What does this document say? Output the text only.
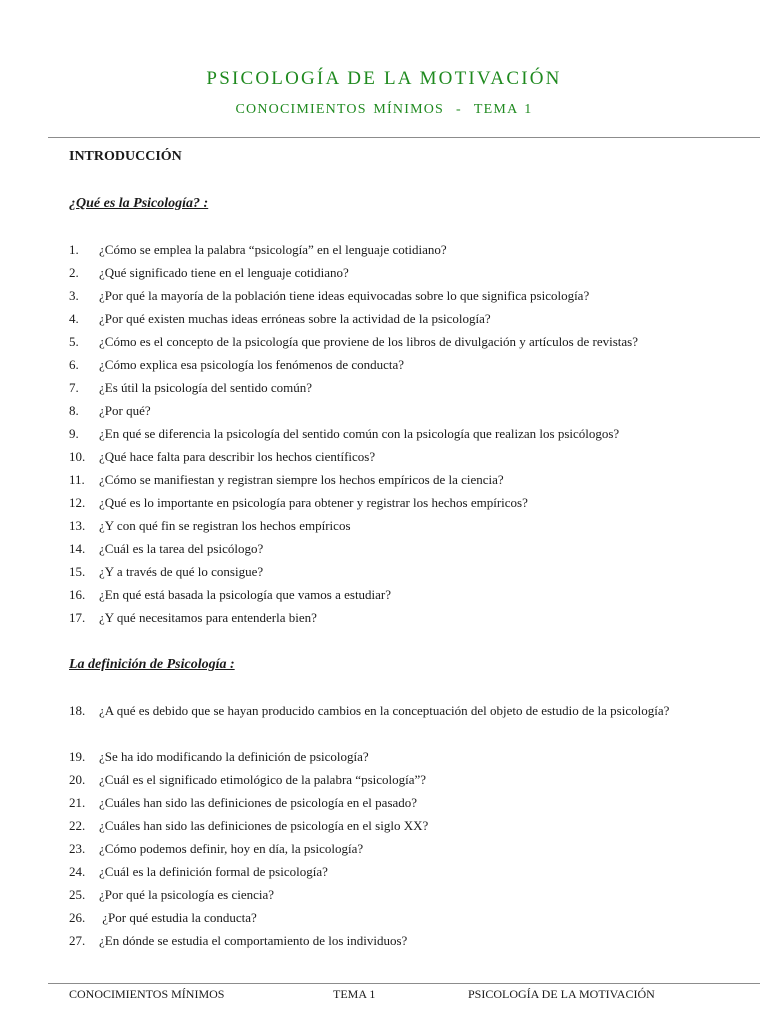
PSICOLOGÍA DE LA MOTIVACIÓN
CONOCIMIENTOS MÍNIMOS - TEMA 1
INTRODUCCIÓN
¿Qué es la Psicología? :
1. ¿Cómo se emplea la palabra “psicología” en el lenguaje cotidiano?
2. ¿Qué significado tiene en el lenguaje cotidiano?
3. ¿Por qué la mayoría de la población tiene ideas equivocadas sobre lo que significa psicología?
4. ¿Por qué existen muchas ideas erróneas sobre la actividad de la psicología?
5. ¿Cómo es el concepto de la psicología que proviene de los libros de divulgación y artículos de revistas?
6. ¿Cómo explica esa psicología los fenómenos de conducta?
7. ¿Es útil la psicología del sentido común?
8. ¿Por qué?
9. ¿En qué se diferencia la psicología del sentido común con la psicología que realizan los psicólogos?
10. ¿Qué hace falta para describir los hechos científicos?
11. ¿Cómo se manifiestan y registran siempre los hechos empíricos de la ciencia?
12. ¿Qué es lo importante en psicología para obtener y registrar los hechos empíricos?
13. ¿Y con qué fin se registran los hechos empíricos
14. ¿Cuál es la tarea del psicólogo?
15. ¿Y a través de qué lo consigue?
16. ¿En qué está basada la psicología que vamos a estudiar?
17. ¿Y qué necesitamos para entenderla bien?
La definición de Psicología :
18. ¿A qué es debido que se hayan producido cambios en la conceptuación del objeto de estudio de la psicología?
19. ¿Se ha ido modificando la definición de psicología?
20. ¿Cuál es el significado etimológico de la palabra “psicología”?
21. ¿Cuáles han sido las definiciones de psicología en el pasado?
22. ¿Cuáles han sido las definiciones de psicología en el siglo XX?
23. ¿Cómo podemos definir, hoy en día, la psicología?
24. ¿Cuál es la definición formal de psicología?
25. ¿Por qué la psicología es ciencia?
26. ¿Por qué estudia la conducta?
27. ¿En dónde se estudia el comportamiento de los individuos?
CONOCIMIENTOS MÍNIMOS	TEMA 1	PSICOLOGÍA DE LA MOTIVACIÓN
